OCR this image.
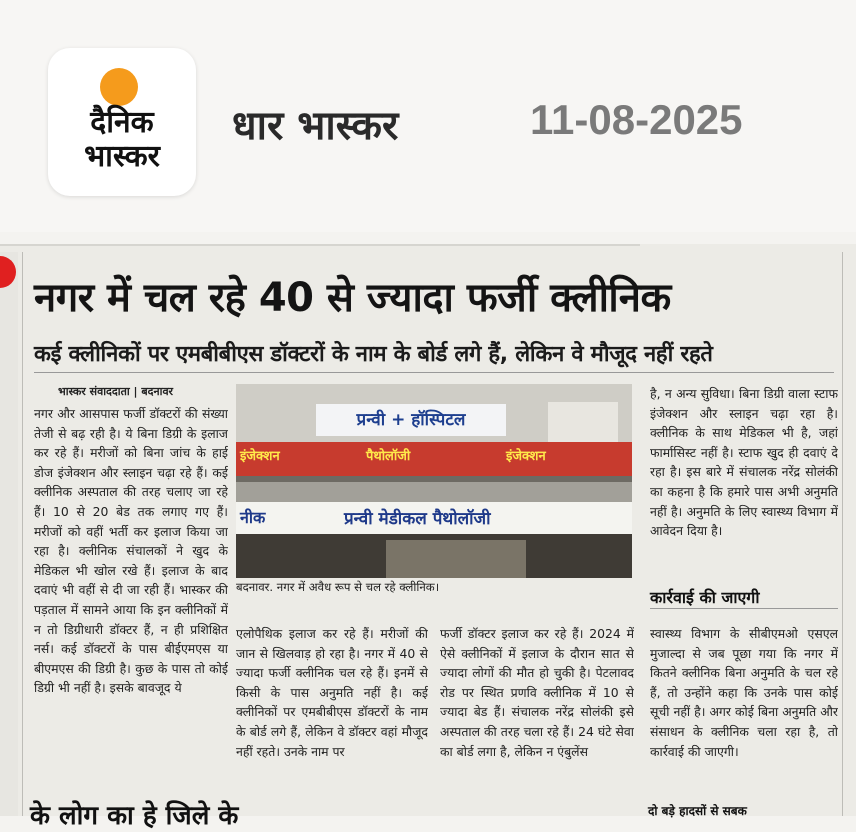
दैनिक
भास्कर
धार भास्कर	11-08-2025
नगर में चल रहे 40 से ज्यादा फर्जी क्लीनिक
कई क्लीनिकों पर एमबीबीएस डॉक्टरों के नाम के बोर्ड लगे हैं, लेकिन वे मौजूद नहीं रहते
भास्कर संवाददाता | बदनावर
नगर और आसपास फर्जी डॉक्टरों की संख्या तेजी से बढ़ रही है। ये बिना डिग्री के इलाज कर रहे हैं। मरीजों को बिना जांच के हाई डोज इंजेक्शन और स्लाइन चढ़ा रहे हैं। कई क्लीनिक अस्पताल की तरह चलाए जा रहे हैं। 10 से 20 बेड तक लगाए गए हैं। मरीजों को वहीं भर्ती कर इलाज किया जा रहा है। क्लीनिक संचालकों ने खुद के मेडिकल भी खोल रखे हैं। इलाज के बाद दवाएं भी वहीं से दी जा रही हैं। भास्कर की पड़ताल में सामने आया कि इन क्लीनिकों में न तो डिग्रीधारी डॉक्टर हैं, न ही प्रशिक्षित नर्स। कई डॉक्टरों के पास बीईएमएस या बीएमएस की डिग्री है। कुछ के पास तो कोई डिग्री भी नहीं है। इसके बावजूद ये
इंजेक्शन	पैथोलॉजी	इंजेक्शन
प्रन्वी + हॉस्पिटल
नीक	प्रन्वी मेडीकल पैथोलॉजी
बदनावर. नगर में अवैध रूप से चल रहे क्लीनिक।
एलोपैथिक इलाज कर रहे हैं। मरीजों की जान से खिलवाड़ हो रहा है। नगर में 40 से ज्यादा फर्जी क्लीनिक चल रहे हैं। इनमें से किसी के पास अनुमति नहीं है। कई क्लीनिकों पर एमबीबीएस डॉक्टरों के नाम के बोर्ड लगे हैं, लेकिन वे डॉक्टर वहां मौजूद नहीं रहते। उनके नाम पर
फर्जी डॉक्टर इलाज कर रहे हैं। 2024 में ऐसे क्लीनिकों में इलाज के दौरान सात से ज्यादा लोगों की मौत हो चुकी है। पेटलावद रोड पर स्थित प्रणवि क्लीनिक में 10 से ज्यादा बेड हैं। संचालक नरेंद्र सोलंकी इसे अस्पताल की तरह चला रहे हैं। 24 घंटे सेवा का बोर्ड लगा है, लेकिन न एंबुलेंस
है, न अन्य सुविधा। बिना डिग्री वाला स्टाफ इंजेक्शन और स्लाइन चढ़ा रहा है। क्लीनिक के साथ मेडिकल भी है, जहां फार्मासिस्ट नहीं है। स्टाफ खुद ही दवाएं दे रहा है। इस बारे में संचालक नरेंद्र सोलंकी का कहना है कि हमारे पास अभी अनुमति नहीं है। अनुमति के लिए स्वास्थ्य विभाग में आवेदन दिया है।
कार्रवाई की जाएगी
स्वास्थ्य विभाग के सीबीएमओ एसएल मुजाल्दा से जब पूछा गया कि नगर में कितने क्लीनिक बिना अनुमति के चल रहे हैं, तो उन्होंने कहा कि उनके पास कोई सूची नहीं है। अगर कोई बिना अनुमति और संसाधन के क्लीनिक चला रहा है, तो कार्रवाई की जाएगी।
के लोग का हे जिले के	दो बड़े हादसों से सबक
